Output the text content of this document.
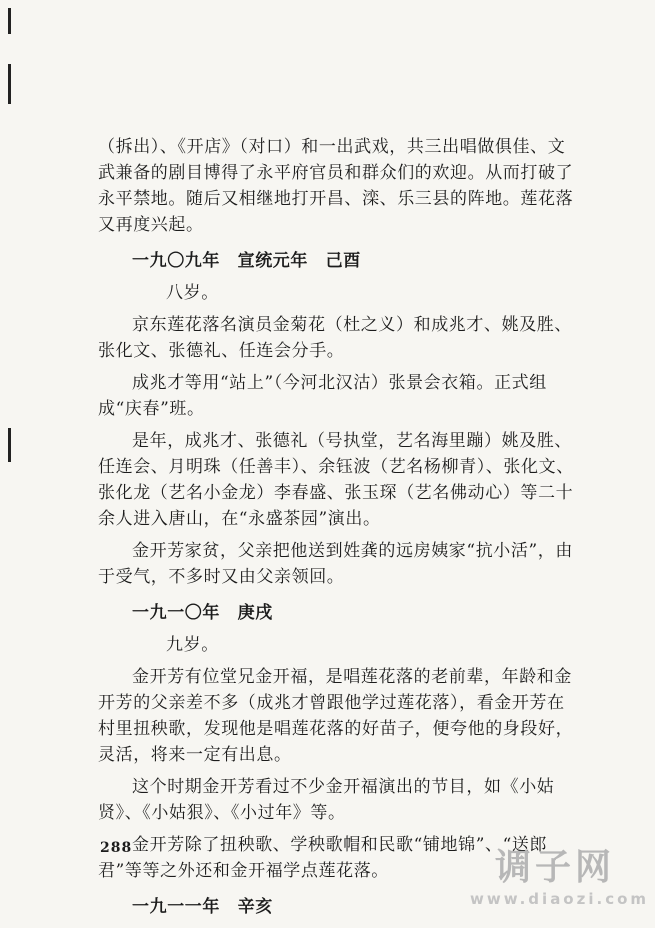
（拆出）、《开店》（对口）和一出武戏，共三出唱做俱佳、文武兼备的剧目博得了永平府官员和群众们的欢迎。从而打破了永平禁地。随后又相继地打开昌、滦、乐三县的阵地。莲花落又再度兴起。

一九〇九年　宣统元年　己酉

八岁。

京东莲花落名演员金菊花（杜之义）和成兆才、姚及胜、张化文、张德礼、任连会分手。

成兆才等用“站上”（今河北汉沽）张景会衣箱。正式组成“庆春”班。

是年，成兆才、张德礼（号执堂，艺名海里蹦）姚及胜、任连会、月明珠（任善丰）、余钰波（艺名杨柳青）、张化文、张化龙（艺名小金龙）李春盛、张玉琛（艺名佛动心）等二十余人进入唐山，在“永盛茶园”演出。

金开芳家贫，父亲把他送到姓龚的远房姨家“抗小活”，由于受气，不多时又由父亲领回。

一九一〇年　庚戌

九岁。

金开芳有位堂兄金开福，是唱莲花落的老前辈，年龄和金开芳的父亲差不多（成兆才曾跟他学过莲花落），看金开芳在村里扭秧歌，发现他是唱莲花落的好苗子，便夸他的身段好，灵活，将来一定有出息。

这个时期金开芳看过不少金开福演出的节目，如《小姑贤》、《小姑狠》、《小过年》等。

金开芳除了扭秧歌、学秧歌帽和民歌“铺地锦”、“送郎君”等等之外还和金开福学点莲花落。

一九一一年　辛亥

288	调子网
www.diaozi.com
